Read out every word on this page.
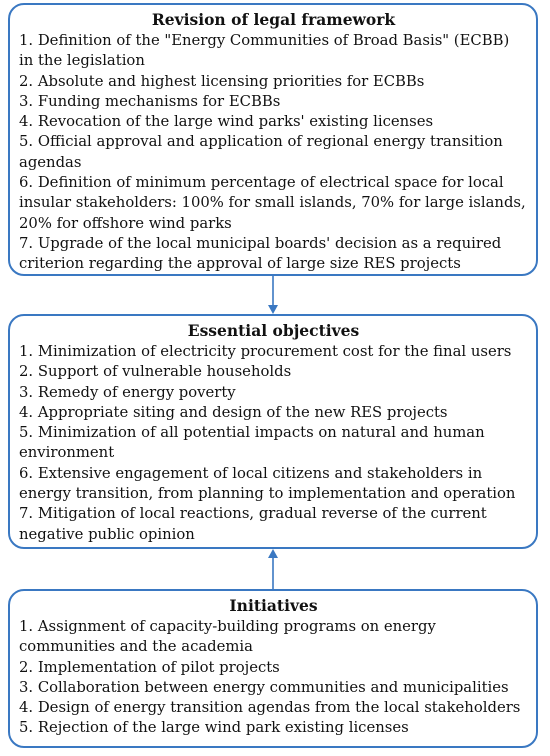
Revision of legal framework
1. Definition of the "Energy Communities of Broad Basis" (ECBB) in the legislation
2. Absolute and highest licensing priorities for ECBBs
3. Funding mechanisms for ECBBs
4. Revocation of the large wind parks' existing licenses
5. Official approval and application of regional energy transition agendas
6. Definition of minimum percentage of electrical space for local insular stakeholders: 100% for small islands, 70% for large islands, 20% for offshore wind parks
7. Upgrade of the local municipal boards' decision as a required criterion regarding the approval of large size RES projects
Essential objectives
1. Minimization of electricity procurement cost for the final users
2. Support of vulnerable households
3. Remedy of energy poverty
4. Appropriate siting and design of the new RES projects
5. Minimization of all potential impacts on natural and human environment
6. Extensive engagement of local citizens and stakeholders in energy transition, from planning to implementation and operation
7. Mitigation of local reactions, gradual reverse of the current negative public opinion
Initiatives
1. Assignment of capacity-building programs on energy communities and the academia
2. Implementation of pilot projects
3. Collaboration between energy communities and municipalities
4. Design of energy transition agendas from the local stakeholders
5. Rejection of the large wind park existing licenses
